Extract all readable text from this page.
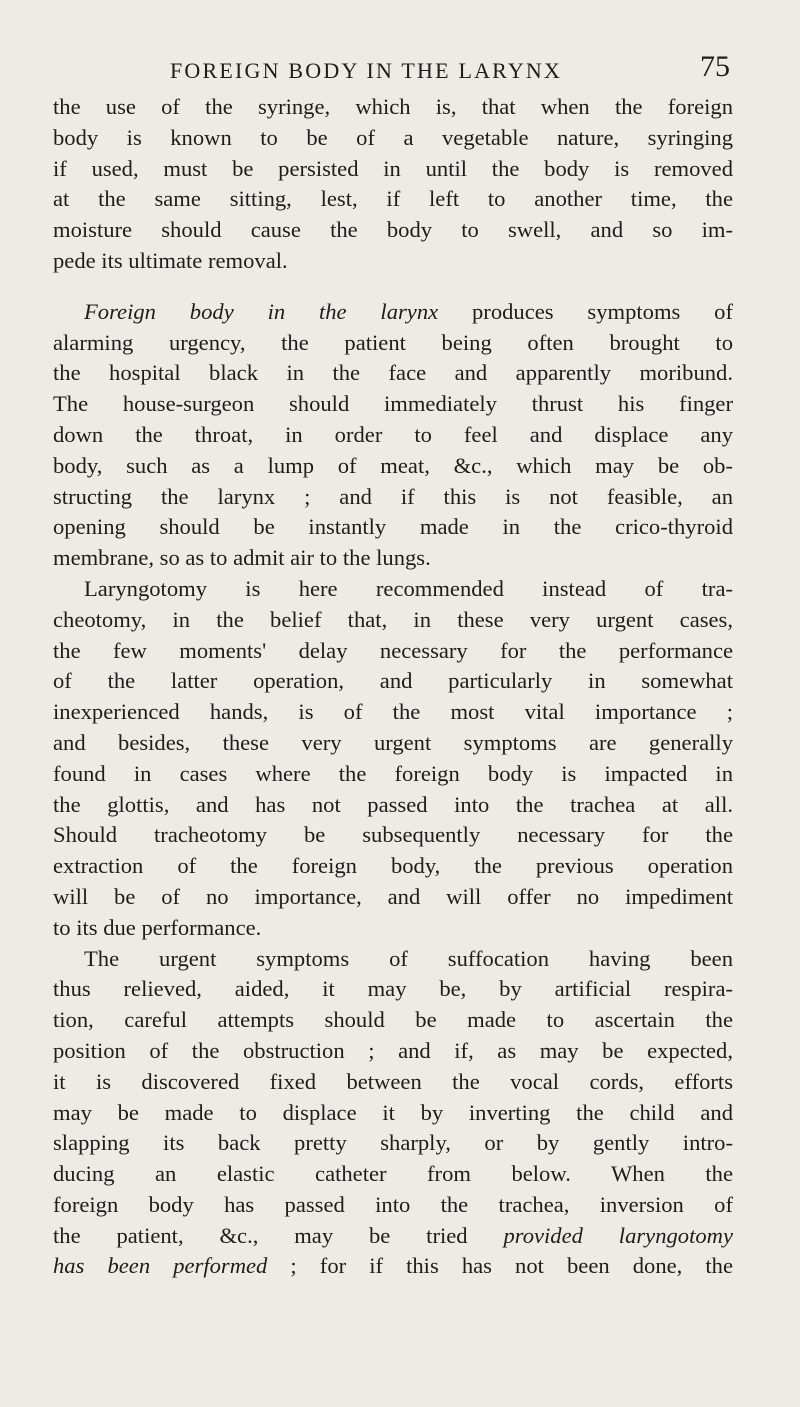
FOREIGN BODY IN THE LARYNX	75

the use of the syringe, which is, that when the foreign

body is known to be of a vegetable nature, syringing

if used, must be persisted in until the body is removed

at the same sitting, lest, if left to another time, the

moisture should cause the body to swell, and so im-

pede its ultimate removal.

Foreign body in the larynx produces symptoms of

alarming urgency, the patient being often brought to

the hospital black in the face and apparently moribund.

The house-surgeon should immediately thrust his finger

down the throat, in order to feel and displace any

body, such as a lump of meat, &c., which may be ob-

structing the larynx ; and if this is not feasible, an

opening should be instantly made in the crico-thyroid

membrane, so as to admit air to the lungs.

Laryngotomy is here recommended instead of tra-

cheotomy, in the belief that, in these very urgent cases,

the few moments' delay necessary for the performance

of the latter operation, and particularly in somewhat

inexperienced hands, is of the most vital importance ;

and besides, these very urgent symptoms are generally

found in cases where the foreign body is impacted in

the glottis, and has not passed into the trachea at all.

Should tracheotomy be subsequently necessary for the

extraction of the foreign body, the previous operation

will be of no importance, and will offer no impediment

to its due performance.

The urgent symptoms of suffocation having been

thus relieved, aided, it may be, by artificial respira-

tion, careful attempts should be made to ascertain the

position of the obstruction ; and if, as may be expected,

it is discovered fixed between the vocal cords, efforts

may be made to displace it by inverting the child and

slapping its back pretty sharply, or by gently intro-

ducing an elastic catheter from below. When the

foreign body has passed into the trachea, inversion of

the patient, &c., may be tried provided laryngotomy

has been performed ; for if this has not been done, the
